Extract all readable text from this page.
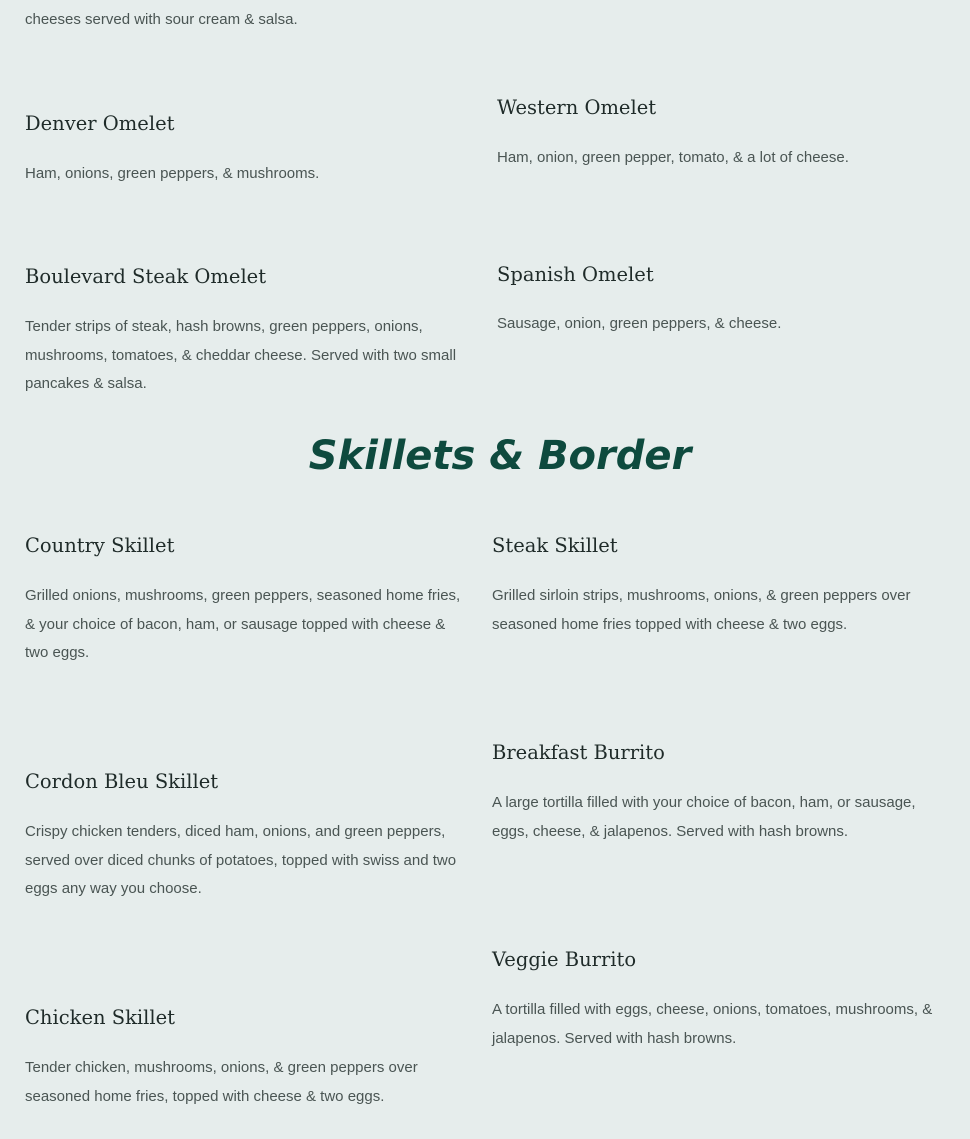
cheeses served with sour cream & salsa.

Denver Omelet

Ham, onions, green peppers, & mushrooms.

Western Omelet

Ham, onion, green pepper, tomato, & a lot of cheese.

Boulevard Steak Omelet

Tender strips of steak, hash browns, green peppers, onions, mushrooms, tomatoes, & cheddar cheese. Served with two small pancakes & salsa.

Spanish Omelet

Sausage, onion, green peppers, & cheese.

Skillets & Border
Country Skillet

Grilled onions, mushrooms, green peppers, seasoned home fries, & your choice of bacon, ham, or sausage topped with cheese & two eggs.

Steak Skillet

Grilled sirloin strips, mushrooms, onions, & green peppers over seasoned home fries topped with cheese & two eggs.

Cordon Bleu Skillet

Crispy chicken tenders, diced ham, onions, and green peppers, served over diced chunks of potatoes, topped with swiss and two eggs any way you choose.

Breakfast Burrito

A large tortilla filled with your choice of bacon, ham, or sausage, eggs, cheese, & jalapenos. Served with hash browns.

Chicken Skillet

Tender chicken, mushrooms, onions, & green peppers over seasoned home fries, topped with cheese & two eggs.

Veggie Burrito

A tortilla filled with eggs, cheese, onions, tomatoes, mushrooms, & jalapenos. Served with hash browns.
